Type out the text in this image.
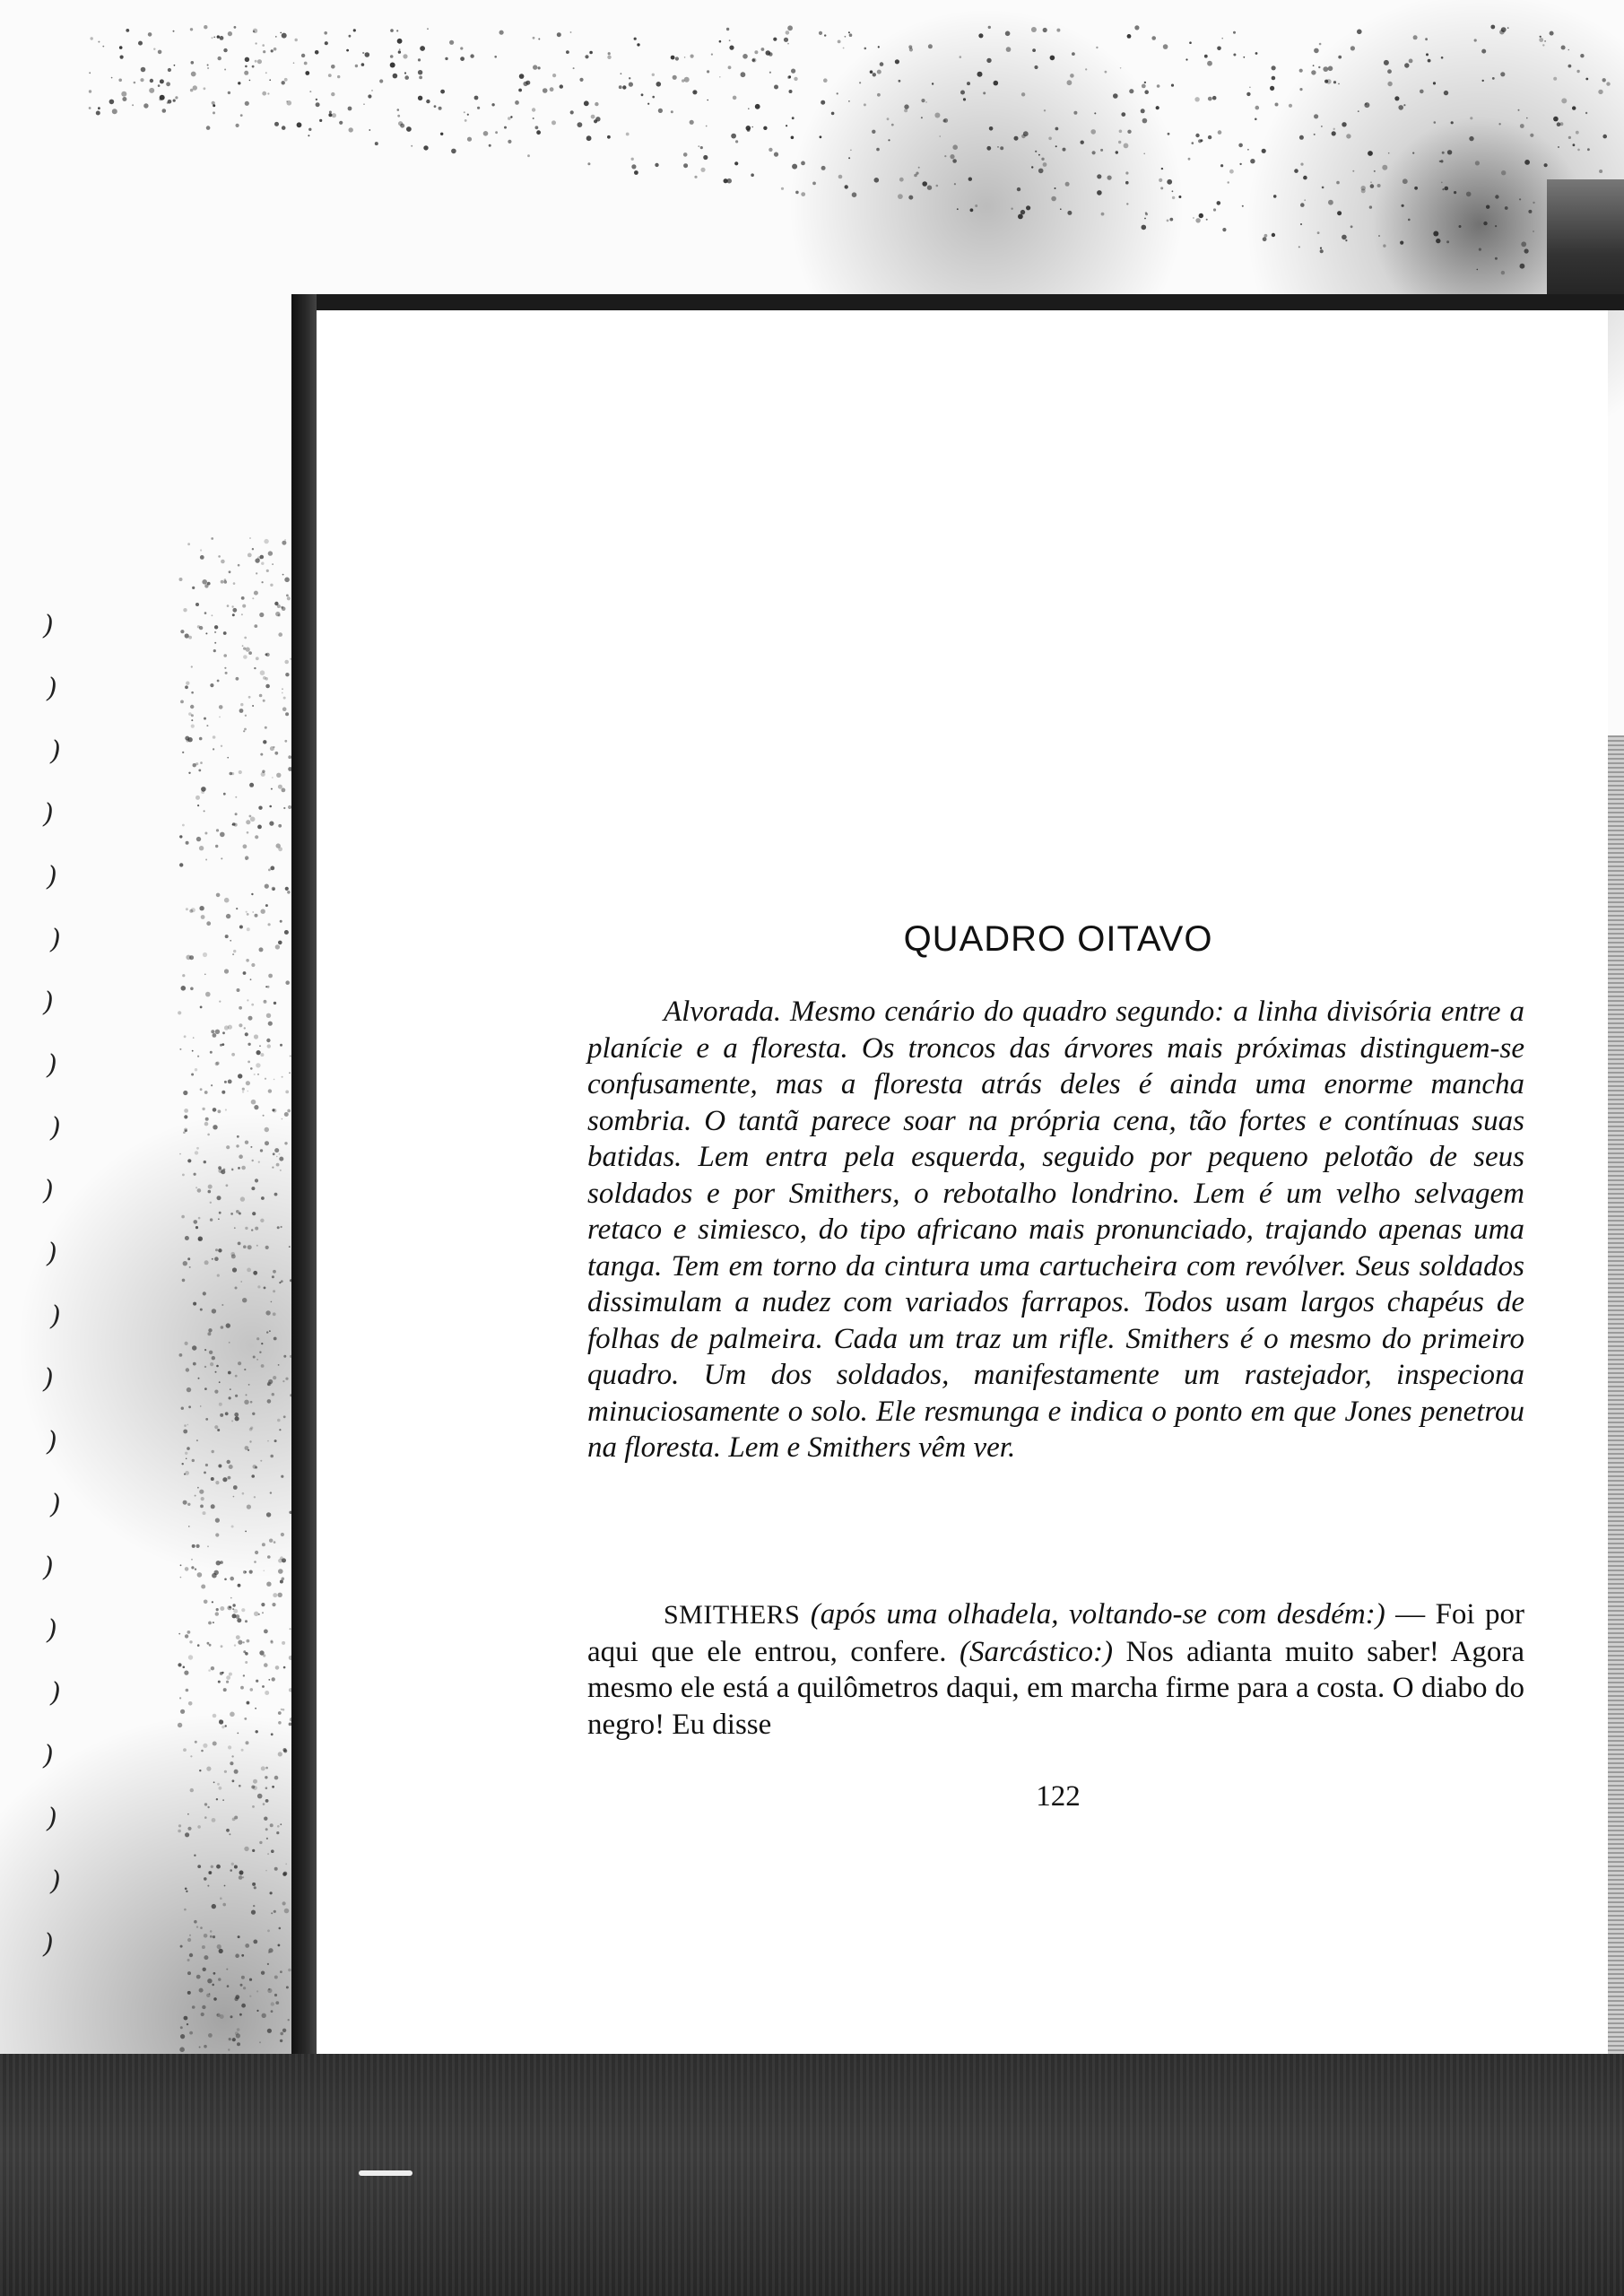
)
)
)
)
)
)
)
)
)
)
)
)
)
)
)
)
)
)
)
)
)
)
QUADRO OITAVO

Alvorada. Mesmo cenário do quadro segundo: a linha divisória entre a planície e a floresta. Os troncos das árvores mais próximas distinguem-se confusamente, mas a floresta atrás deles é ainda uma enorme mancha sombria. O tantã parece soar na própria cena, tão fortes e contínuas suas batidas. Lem entra pela esquerda, seguido por pequeno pelotão de seus soldados e por Smithers, o rebotalho londrino. Lem é um velho selvagem retaco e simiesco, do tipo africano mais pronunciado, trajando apenas uma tanga. Tem em torno da cintura uma cartucheira com revólver. Seus soldados dissimulam a nudez com variados farrapos. Todos usam largos chapéus de folhas de palmeira. Cada um traz um rifle. Smithers é o mesmo do primeiro quadro. Um dos soldados, manifestamente um rastejador, inspeciona minuciosamente o solo. Ele resmunga e indica o ponto em que Jones penetrou na floresta. Lem e Smithers vêm ver.

SMITHERS (após uma olhadela, voltando-se com desdém:) — Foi por aqui que ele entrou, confere. (Sarcástico:) Nos adianta muito saber! Agora mesmo ele está a quilômetros daqui, em marcha firme para a costa. O diabo do negro! Eu disse

122
